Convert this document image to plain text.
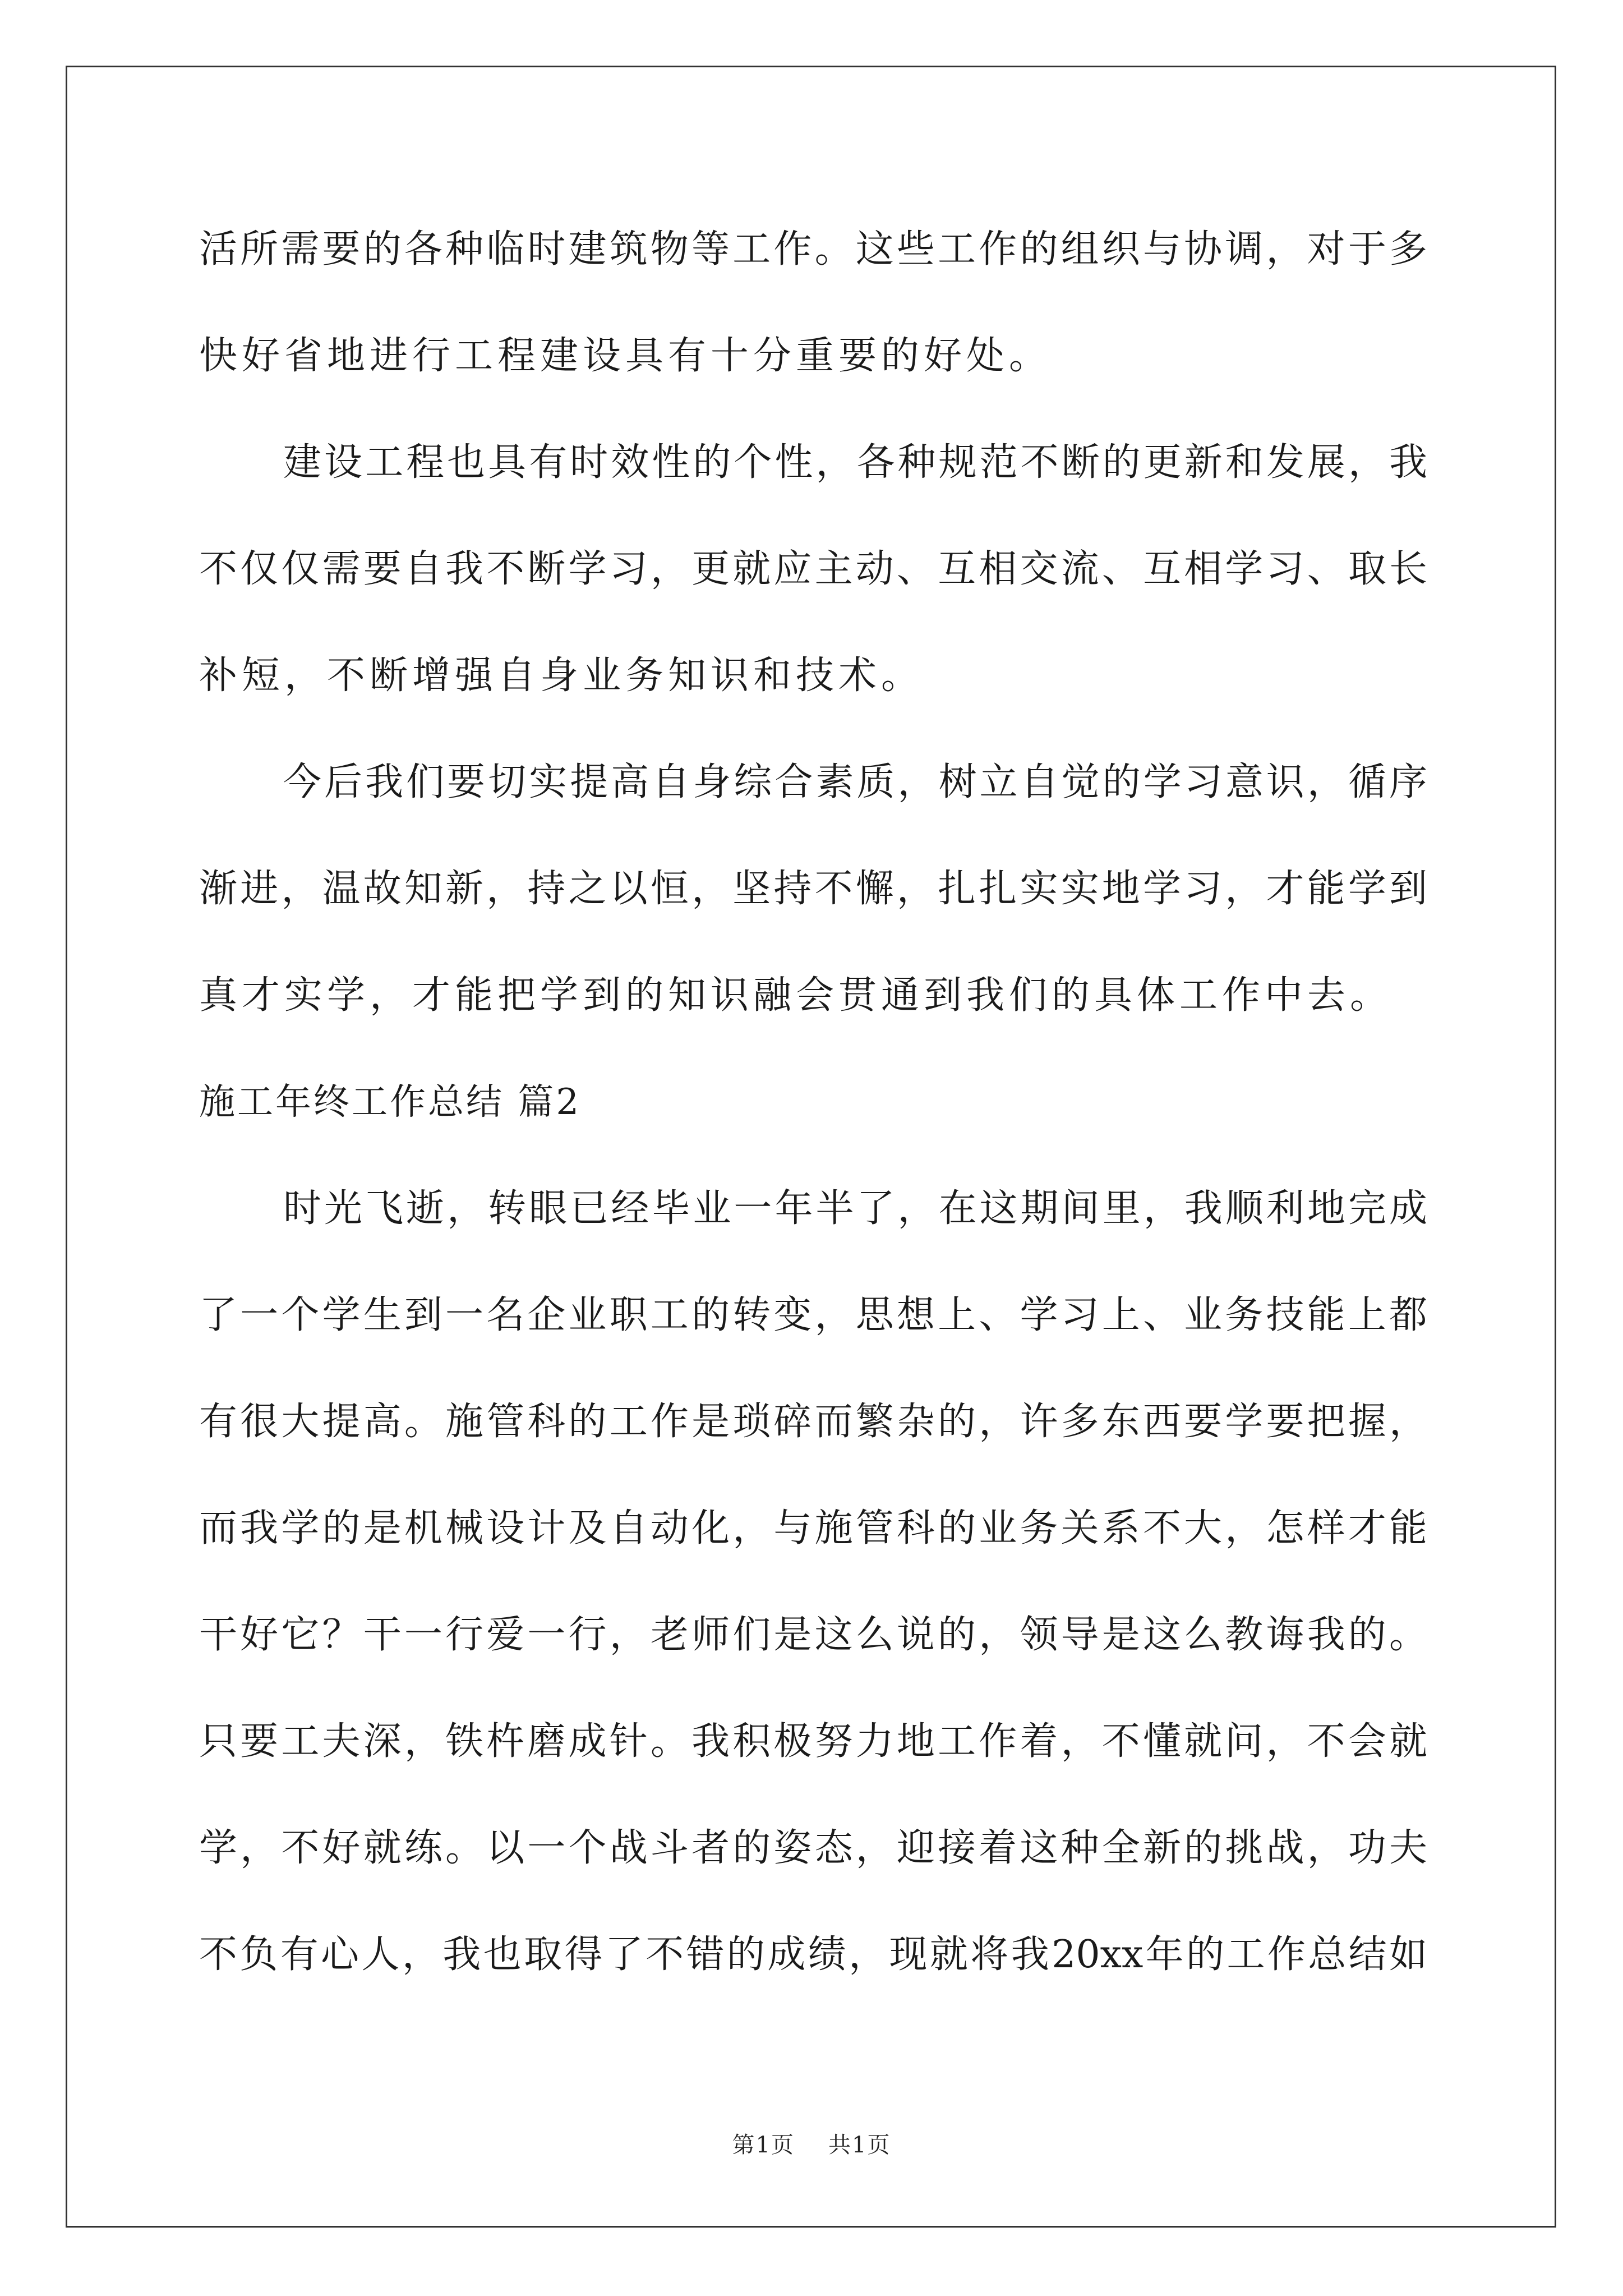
活所需要的各种临时建筑物等工作。这些工作的组织与协调，对于多
快好省地进行工程建设具有十分重要的好处。
建设工程也具有时效性的个性，各种规范不断的更新和发展，我
不仅仅需要自我不断学习，更就应主动、互相交流、互相学习、取长
补短，不断增强自身业务知识和技术。
今后我们要切实提高自身综合素质，树立自觉的学习意识，循序
渐进，温故知新，持之以恒，坚持不懈，扎扎实实地学习，才能学到
真才实学，才能把学到的知识融会贯通到我们的具体工作中去。
施工年终工作总结 篇2
时光飞逝，转眼已经毕业一年半了，在这期间里，我顺利地完成
了一个学生到一名企业职工的转变，思想上、学习上、业务技能上都
有很大提高。施管科的工作是琐碎而繁杂的，许多东西要学要把握，
而我学的是机械设计及自动化，与施管科的业务关系不大，怎样才能
干好它？干一行爱一行，老师们是这么说的，领导是这么教诲我的。
只要工夫深，铁杵磨成针。我积极努力地工作着，不懂就问，不会就
学，不好就练。以一个战斗者的姿态，迎接着这种全新的挑战，功夫
不负有心人，我也取得了不错的成绩，现就将我20xx年的工作总结如
第1页 共1页
